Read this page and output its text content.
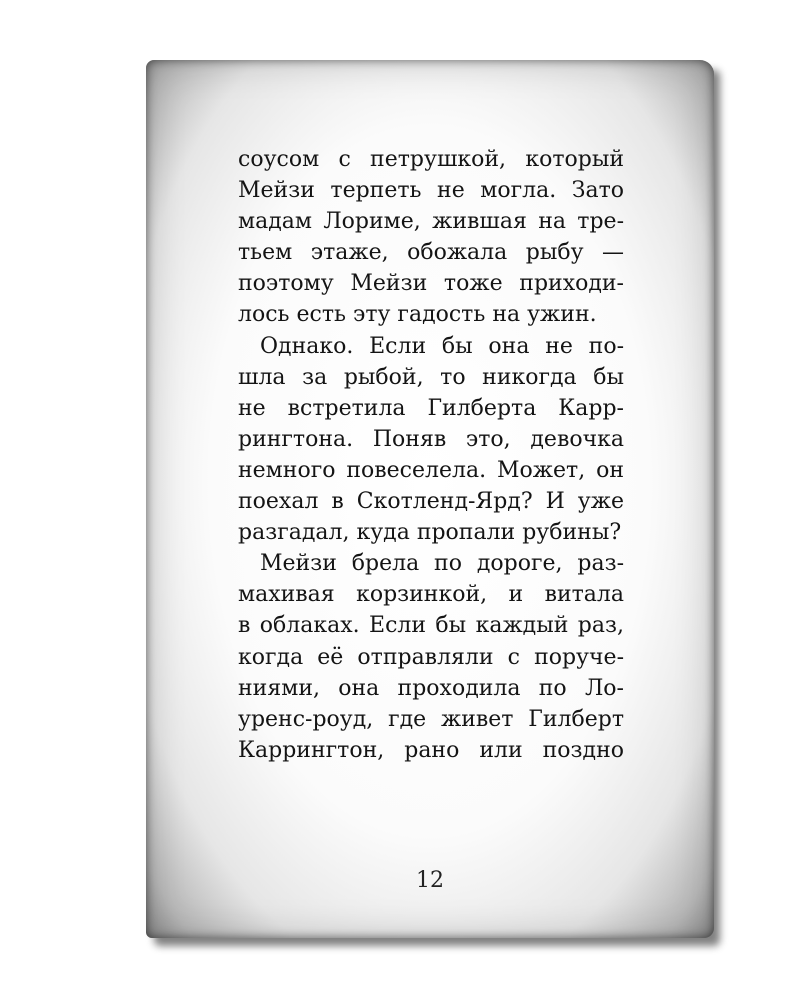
соусом с петрушкой, который
Мейзи терпеть не могла. Зато
мадам Лориме, жившая на тре-
тьем этаже, обожала рыбу —
поэтому Мейзи тоже приходи-
лось есть эту гадость на ужин.
Однако. Если бы она не по-
шла за рыбой, то никогда бы
не встретила Гилберта Карр-
рингтона. Поняв это, девочка
немного повеселела. Может, он
поехал в Скотленд-Ярд? И уже
разгадал, куда пропали рубины?
Мейзи брела по дороге, раз-
махивая корзинкой, и витала
в облаках. Если бы каждый раз,
когда её отправляли с поруче-
ниями, она проходила по Ло-
уренс-роуд, где живет Гилберт
Каррингтон, рано или поздно
12
